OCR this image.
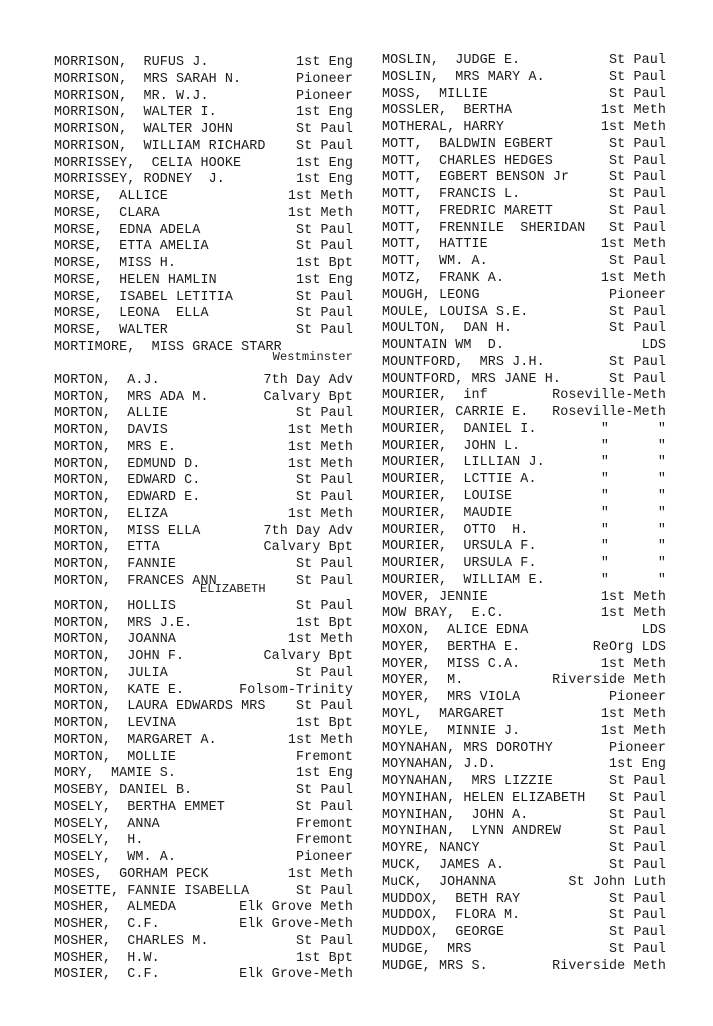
MORRISON,  RUFUS J.	1st Eng
MORRISON,  MRS SARAH N.	Pioneer
MORRISON,  MR. W.J.	Pioneer
MORRISON,  WALTER I.	1st Eng
MORRISON,  WALTER JOHN	St Paul
MORRISON,  WILLIAM RICHARD St Paul
MORRISSEY,  CELIA HOOKE	1st Eng
MORRISSEY, RODNEY  J.	1st Eng
MORSE,  ALLICE	1st Meth
MORSE,  CLARA	1st Meth
MORSE,  EDNA ADELA	St Paul
MORSE,  ETTA AMELIA	St Paul
MORSE,  MISS H.	1st Bpt
MORSE,  HELEN HAMLIN	1st Eng
MORSE,  ISABEL LETITIA	St Paul
MORSE,  LEONA  ELLA	St Paul
MORSE,  WALTER	St Paul
MORTIMORE,  MISS GRACE STARR
Westminster
MORTON,  A.J.	7th Day Adv
MORTON,  MRS ADA M.	Calvary Bpt
MORTON,  ALLIE	St Paul
MORTON,  DAVIS	1st Meth
MORTON,  MRS E.	1st Meth
MORTON,  EDMUND D.	1st Meth
MORTON,  EDWARD C.	St Paul
MORTON,  EDWARD E.	St Paul
MORTON,  ELIZA	1st Meth
MORTON,  MISS ELLA	7th Day Adv
MORTON,  ETTA	Calvary Bpt
MORTON,  FANNIE	St Paul
MORTON,  FRANCES ANN	St Paul
ELIZABETH
MORTON,  HOLLIS	St Paul
MORTON,  MRS J.E.	1st Bpt
MORTON,  JOANNA	1st Meth
MORTON,  JOHN F.	Calvary Bpt
MORTON,  JULIA	St Paul
MORTON,  KATE E.	Folsom-Trinity
MORTON,  LAURA EDWARDS MRS St Paul
MORTON,  LEVINA	1st Bpt
MORTON,  MARGARET A.	1st Meth
MORTON,  MOLLIE	Fremont
MORY,  MAMIE S.	1st Eng
MOSEBY, DANIEL B.	St Paul
MOSELY,  BERTHA EMMET	St Paul
MOSELY,  ANNA	Fremont
MOSELY,  H.	Fremont
MOSELY,  WM. A.	Pioneer
MOSES,  GORHAM PECK	1st Meth
MOSETTE, FANNIE ISABELLA	St Paul
MOSHER,  ALMEDA	Elk Grove Meth
MOSHER,  C.F.	Elk Grove-Meth
MOSHER,  CHARLES M.	St Paul
MOSHER,  H.W.	1st Bpt
MOSIER,  C.F.	Elk Grove-Meth
MOSLIN,  JUDGE E.	St Paul
MOSLIN,  MRS MARY A.	St Paul
MOSS,  MILLIE	St Paul
MOSSLER,  BERTHA	1st Meth
MOTHERAL, HARRY	1st Meth
MOTT,  BALDWIN EGBERT	St Paul
MOTT,  CHARLES HEDGES	St Paul
MOTT,  EGBERT BENSON Jr	St Paul
MOTT,  FRANCIS L.	St Paul
MOTT,  FREDRIC MARETT	St Paul
MOTT,  FRENNILE  SHERIDAN St Paul
MOTT,  HATTIE	1st Meth
MOTT,  WM. A.	St Paul
MOTZ,  FRANK A.	1st Meth
MOUGH, LEONG	Pioneer
MOULE, LOUISA S.E.	St Paul
MOULTON,  DAN H.	St Paul
MOUNTAIN WM  D.	LDS
MOUNTFORD,  MRS J.H.	St Paul
MOUNTFORD, MRS JANE H.	St Paul
MOURIER,  inf	Roseville-Meth
MOURIER, CARRIE E. Roseville-Meth
MOURIER,  DANIEL I.	"      "
MOURIER,  JOHN L.	"      "
MOURIER,  LILLIAN J.	"      "
MOURIER,  LCTTIE A.	"      "
MOURIER,  LOUISE	"      "
MOURIER,  MAUDIE	"      "
MOURIER,  OTTO  H.	"      "
MOURIER,  URSULA F.	"      "
MOURIER,  URSULA F.	"      "
MOURIER,  WILLIAM E.	"      "
MOVER, JENNIE	1st Meth
MOW BRAY,  E.C.	1st Meth
MOXON,  ALICE EDNA	LDS
MOYER,  BERTHA E.	ReOrg LDS
MOYER,  MISS C.A.	1st Meth
MOYER,  M.	Riverside Meth
MOYER,  MRS VIOLA	Pioneer
MOYL,  MARGARET	1st Meth
MOYLE,  MINNIE J.	1st Meth
MOYNAHAN, MRS DOROTHY	Pioneer
MOYNAHAN, J.D.	1st Eng
MOYNAHAN,  MRS LIZZIE	St Paul
MOYNIHAN, HELEN ELIZABETH St Paul
MOYNIHAN,  JOHN A.	St Paul
MOYNIHAN,  LYNN ANDREW	St Paul
MOYRE, NANCY	St Paul
MUCK,  JAMES A.	St Paul
MuCK,  JOHANNA	St John Luth
MUDDOX,  BETH RAY	St Paul
MUDDOX,  FLORA M.	St Paul
MUDDOX,  GEORGE	St Paul
MUDGE,  MRS	St Paul
MUDGE, MRS S.	Riverside Meth
